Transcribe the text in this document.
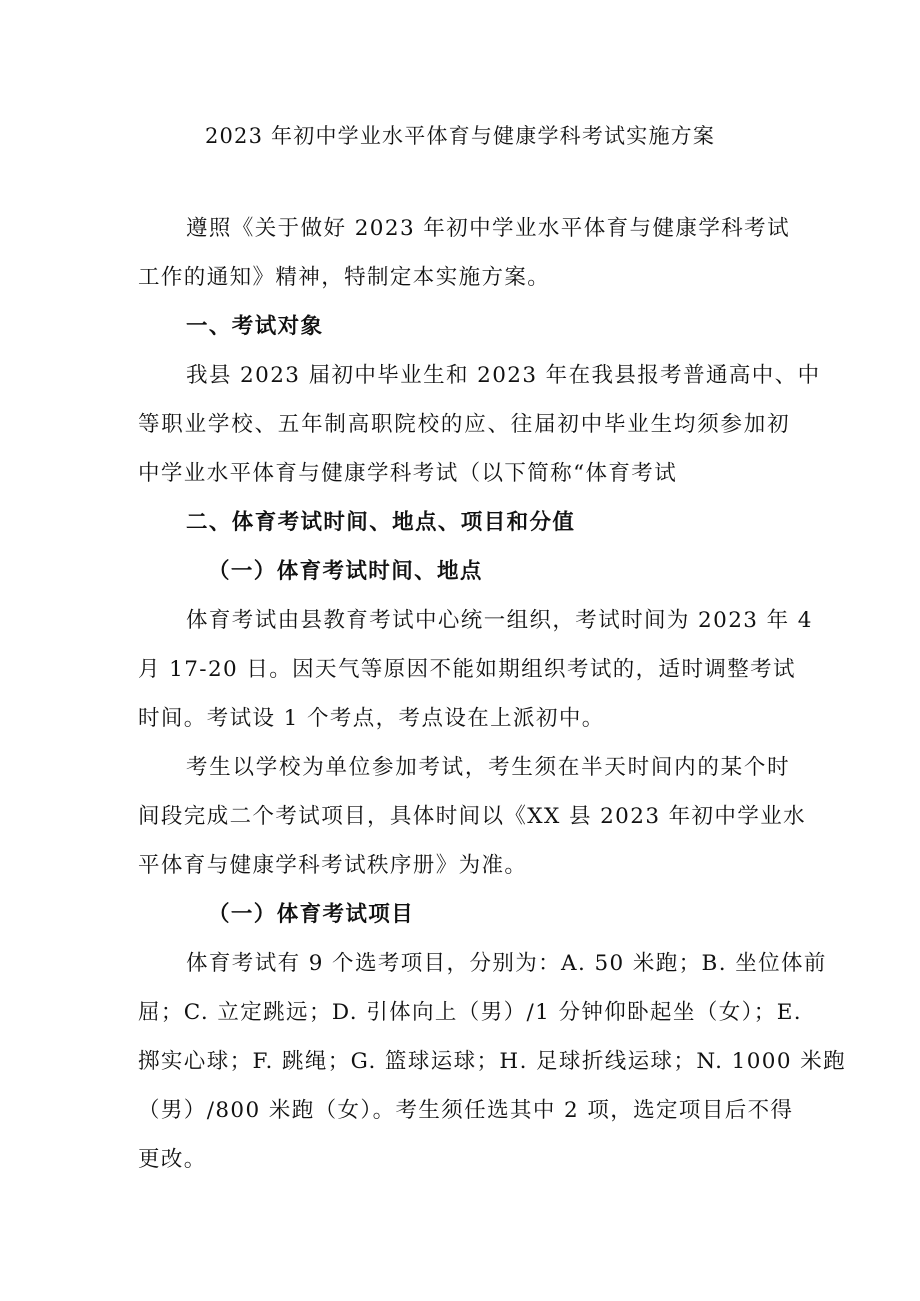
2023 年初中学业水平体育与健康学科考试实施方案
遵照《关于做好 2023 年初中学业水平体育与健康学科考试
工作的通知》精神，特制定本实施方案。
一、考试对象
我县 2023 届初中毕业生和 2023 年在我县报考普通高中、中
等职业学校、五年制高职院校的应、往届初中毕业生均须参加初
中学业水平体育与健康学科考试（以下简称“体育考试
二、体育考试时间、地点、项目和分值
（一）体育考试时间、地点
体育考试由县教育考试中心统一组织，考试时间为 2023 年 4
月 17-20 日。因天气等原因不能如期组织考试的，适时调整考试
时间。考试设 1 个考点，考点设在上派初中。
考生以学校为单位参加考试，考生须在半天时间内的某个时
间段完成二个考试项目，具体时间以《XX 县 2023 年初中学业水
平体育与健康学科考试秩序册》为准。
（一）体育考试项目
体育考试有 9 个选考项目，分别为：A. 50 米跑；B. 坐位体前
屈；C. 立定跳远；D. 引体向上（男）/1 分钟仰卧起坐（女）；E.
掷实心球；F. 跳绳；G. 篮球运球；H. 足球折线运球；N. 1000 米跑
（男）/800 米跑（女）。考生须任选其中 2 项，选定项目后不得
更改。
